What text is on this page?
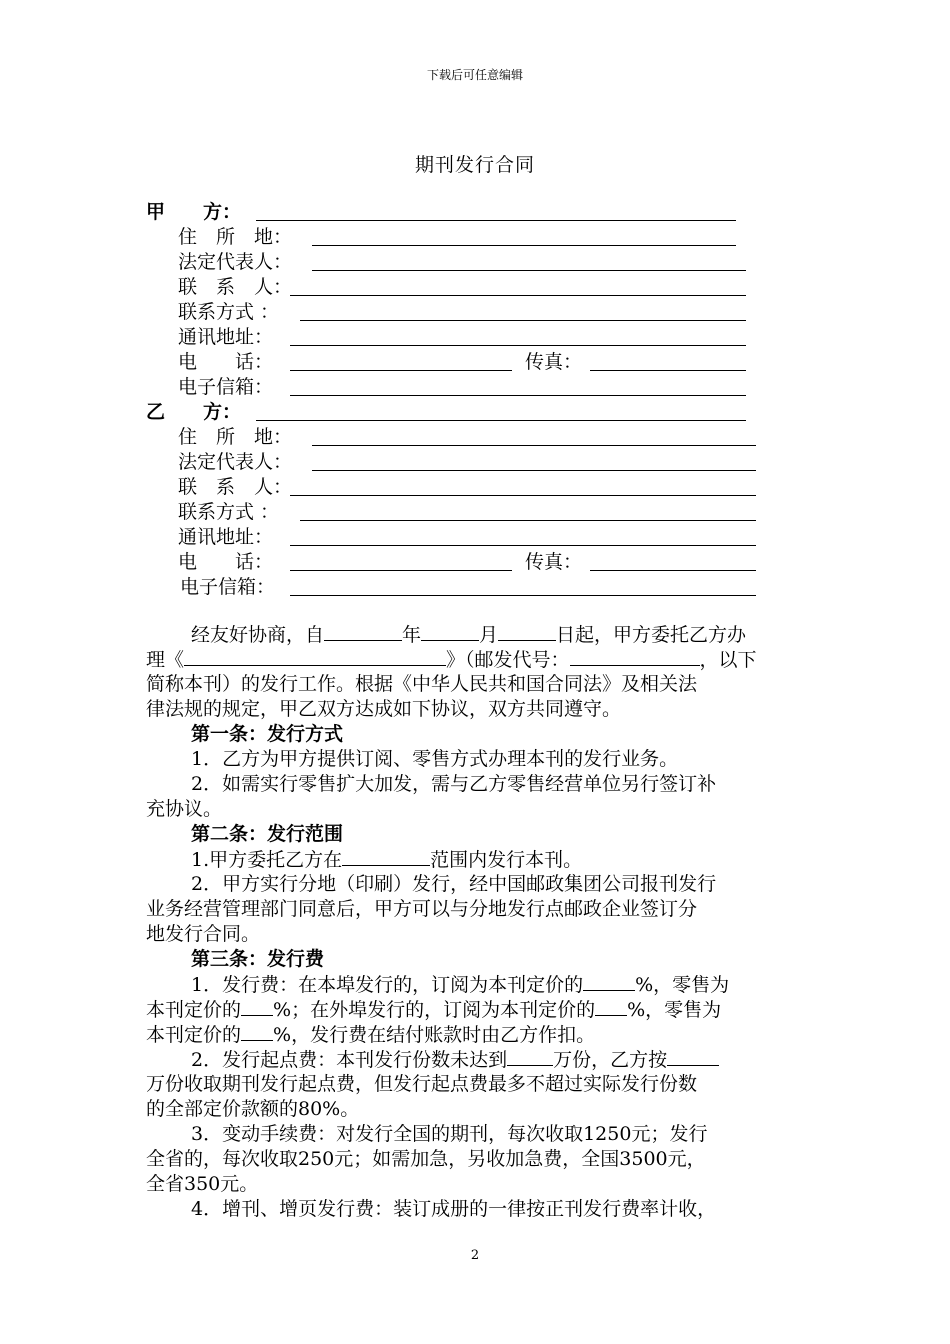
下载后可任意编辑
期刊发行合同
甲　　方：
住　所　地：
法定代表人：
联　系　人：
联系方式 ：
通讯地址：
电　　话：	传真：
电子信箱：
乙　　方：
住　所　地：
法定代表人：
联　系　人：
联系方式 ：
通讯地址：
电　　话：	传真：
电子信箱：
经友好协商，自	年	月	日起，甲方委托乙方办
理《	》（邮发代号：	，以下
简称本刊）的发行工作。根据《中华人民共和国合同法》及相关法
律法规的规定，甲乙双方达成如下协议，双方共同遵守。
第一条：发行方式
1．乙方为甲方提供订阅、零售方式办理本刊的发行业务。
2．如需实行零售扩大加发，需与乙方零售经营单位另行签订补
充协议。
第二条：发行范围
1.甲方委托乙方在	范围内发行本刊。
2．甲方实行分地（印刷）发行，经中国邮政集团公司报刊发行
业务经营管理部门同意后，甲方可以与分地发行点邮政企业签订分
地发行合同。
第三条：发行费
1．发行费：在本埠发行的，订阅为本刊定价的	%，零售为
本刊定价的 %；在外埠发行的，订阅为本刊定价的 %，零售为
本刊定价的 %，发行费在结付账款时由乙方作扣。
2．发行起点费：本刊发行份数未达到 万份，乙方按
万份收取期刊发行起点费，但发行起点费最多不超过实际发行份数
的全部定价款额的80%。
3．变动手续费：对发行全国的期刊，每次收取1250元；发行
全省的，每次收取250元；如需加急，另收加急费，全国3500元，
全省350元。
4．增刊、增页发行费：装订成册的一律按正刊发行费率计收，
2
